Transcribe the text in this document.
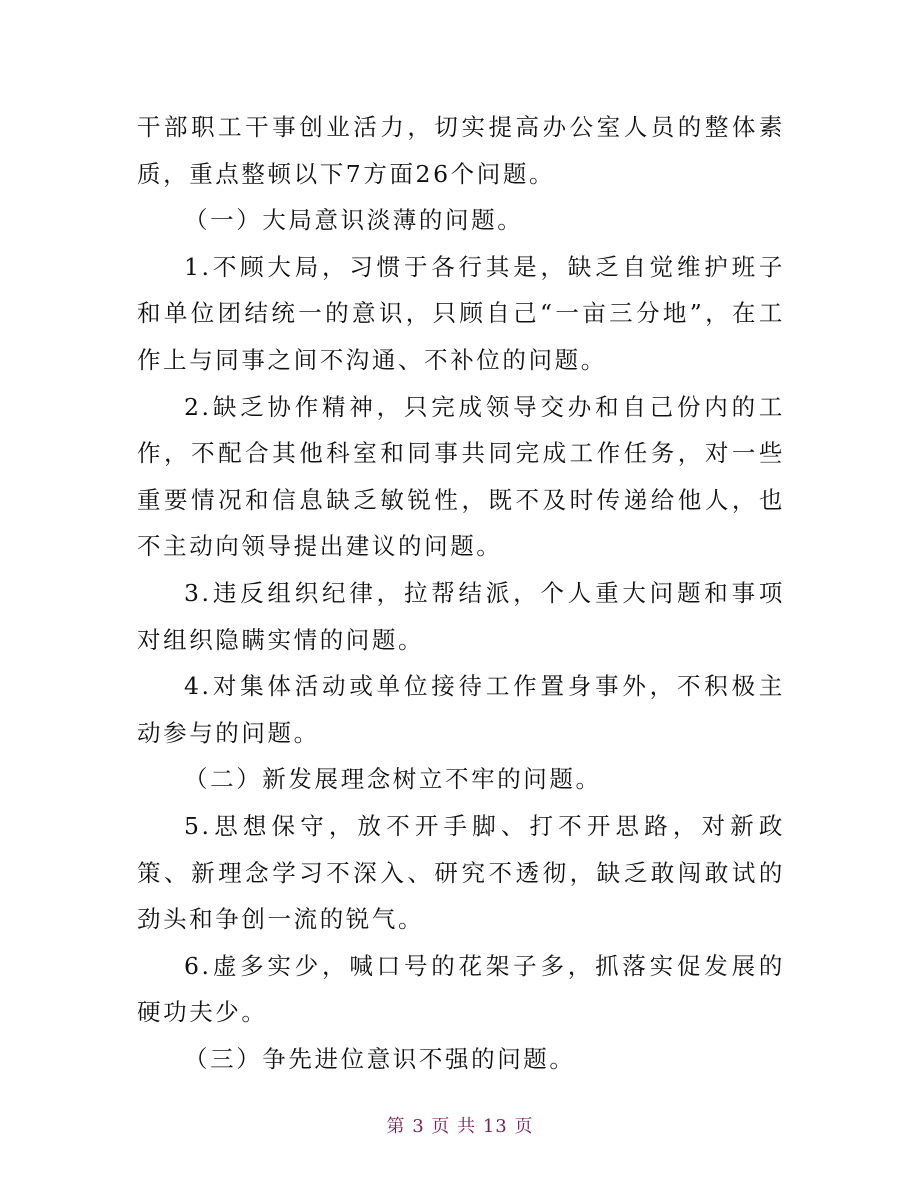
干部职工干事创业活力，切实提高办公室人员的整体素质，重点整顿以下7方面26个问题。

（一）大局意识淡薄的问题。

1.不顾大局，习惯于各行其是，缺乏自觉维护班子和单位团结统一的意识，只顾自己“一亩三分地”，在工作上与同事之间不沟通、不补位的问题。

2.缺乏协作精神，只完成领导交办和自己份内的工作，不配合其他科室和同事共同完成工作任务，对一些重要情况和信息缺乏敏锐性，既不及时传递给他人，也不主动向领导提出建议的问题。

3.违反组织纪律，拉帮结派，个人重大问题和事项对组织隐瞒实情的问题。

4.对集体活动或单位接待工作置身事外，不积极主动参与的问题。

（二）新发展理念树立不牢的问题。

5.思想保守，放不开手脚、打不开思路，对新政策、新理念学习不深入、研究不透彻，缺乏敢闯敢试的劲头和争创一流的锐气。

6.虚多实少，喊口号的花架子多，抓落实促发展的硬功夫少。

（三）争先进位意识不强的问题。

第 3 页 共 13 页
